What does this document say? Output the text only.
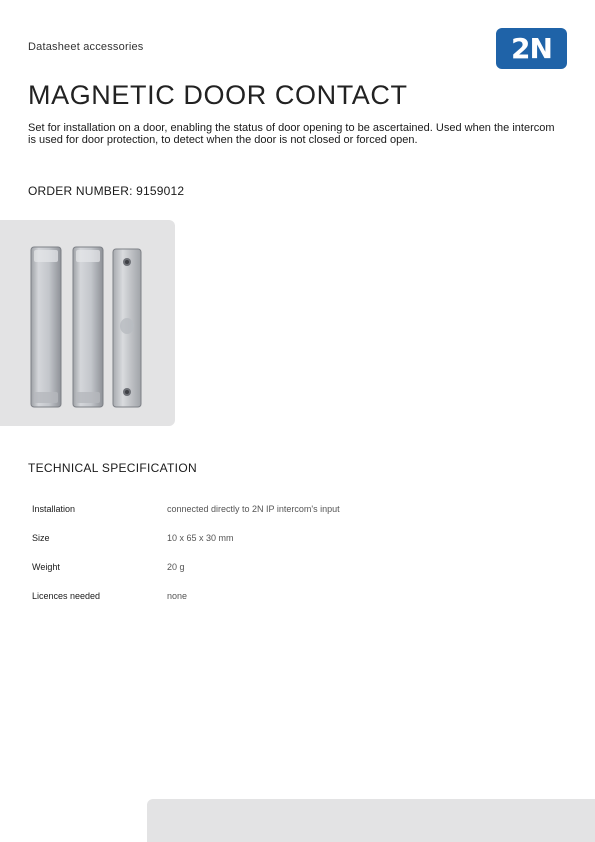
Datasheet accessories	2N
MAGNETIC DOOR CONTACT

Set for installation on a door, enabling the status of door opening to be ascertained. Used when the intercom is used for door protection, to detect when the door is not closed or forced open.

ORDER NUMBER: 9159012
TECHNICAL SPECIFICATION
Installation	connected directly to 2N IP intercom's input
Size	10 x 65 x 30 mm
Weight	20 g
Licences needed	none
